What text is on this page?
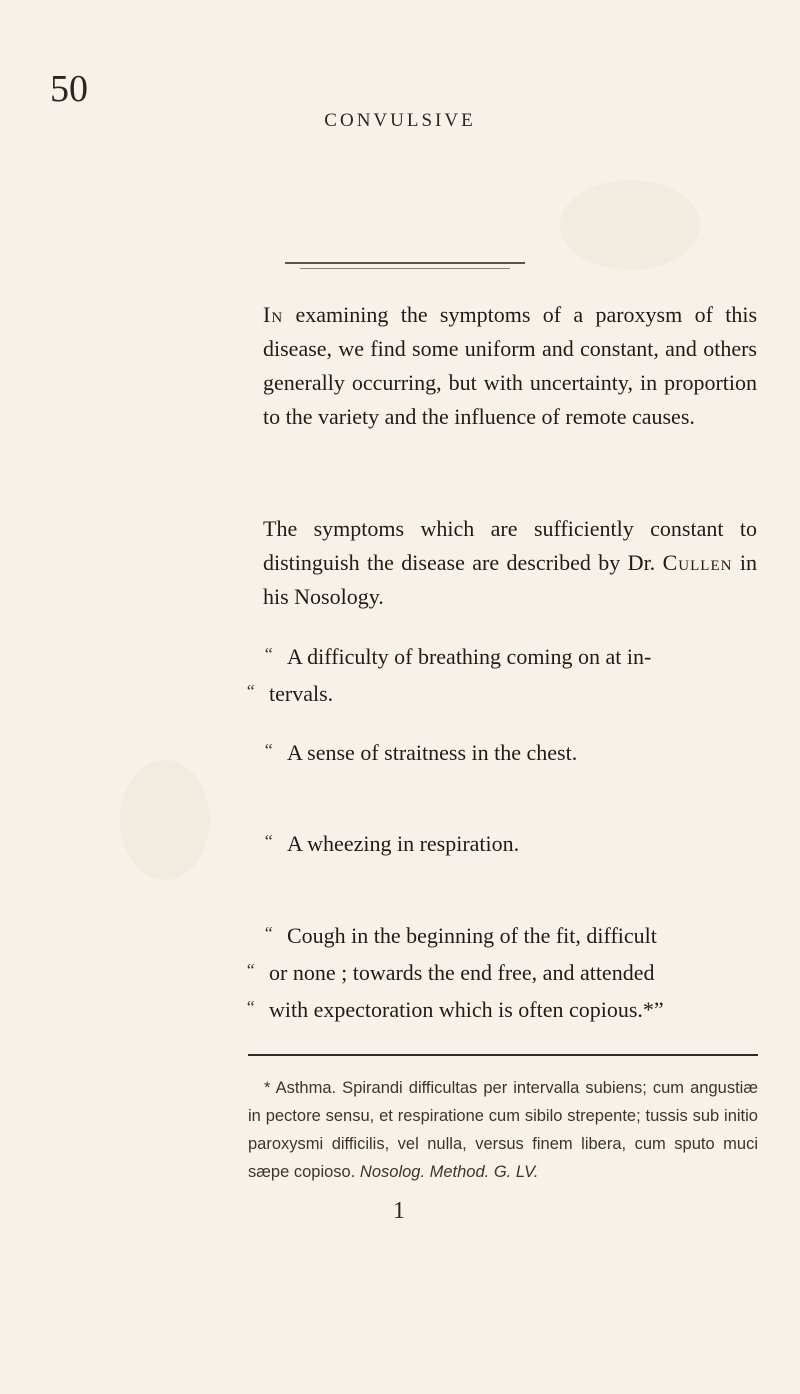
50
CONVULSIVE
In examining the symptoms of a paroxysm of this disease, we find some uniform and constant, and others generally occurring, but with uncertainty, in proportion to the variety and the influence of remote causes.
The symptoms which are sufficiently constant to distinguish the disease are described by Dr. Cullen in his Nosology.
“ A difficulty of breathing coming on at in-
“ tervals.
“ A sense of straitness in the chest.
“ A wheezing in respiration.
“ Cough in the beginning of the fit, difficult
“ or none ; towards the end free, and attended
“ with expectoration which is often copious.*”
* Asthma. Spirandi difficultas per intervalla subiens; cum angustiæ in pectore sensu, et respiratione cum sibilo strepente; tussis sub initio paroxysmi difficilis, vel nulla, versus finem libera, cum sputo muci sæpe copioso. Nosolog. Method. G. LV.
1
